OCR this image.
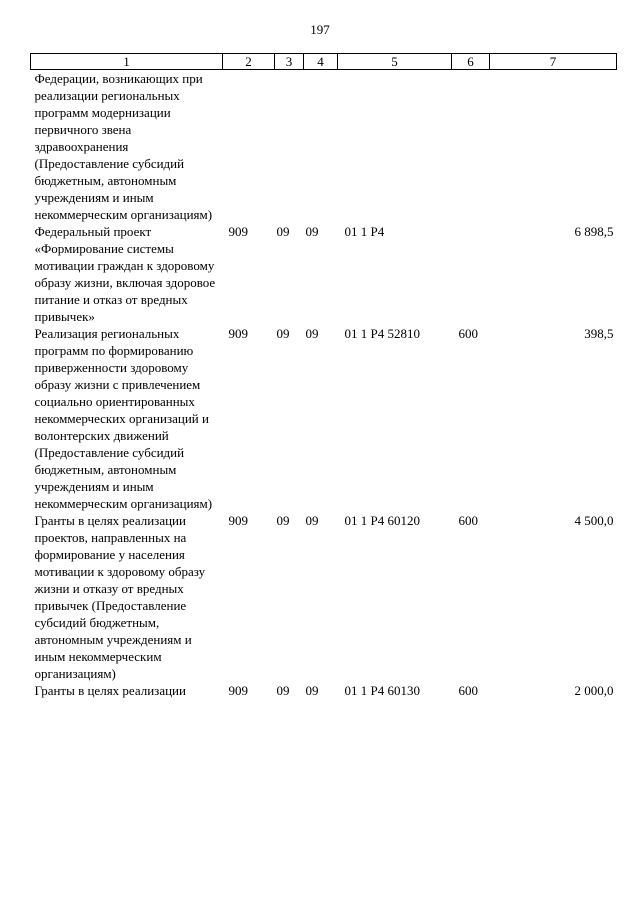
197
1	2	3	4	5	6	7
Федерации, возникающих при реализации региональных программ модернизации первичного звена здравоохранения (Предоставление субсидий бюджетным, автономным учреждениям и иным некоммерческим организациям)						
Федеральный проект «Формирование системы мотивации граждан к здоровому образу жизни, включая здоровое питание и отказ от вредных привычек»	909	09	09	01 1 Р4		6 898,5
Реализация региональных программ по формированию приверженности здоровому образу жизни с привлечением социально ориентированных некоммерческих организаций и волонтерских движений (Предоставление субсидий бюджетным, автономным учреждениям и иным некоммерческим организациям)	909	09	09	01 1 Р4 52810	600	398,5
Гранты в целях реализации проектов, направленных на формирование у населения мотивации к здоровому образу жизни и отказу от вредных привычек (Предоставление субсидий бюджетным, автономным учреждениям и иным некоммерческим организациям)	909	09	09	01 1 Р4 60120	600	4 500,0
Гранты в целях реализации	909	09	09	01 1 Р4 60130	600	2 000,0
